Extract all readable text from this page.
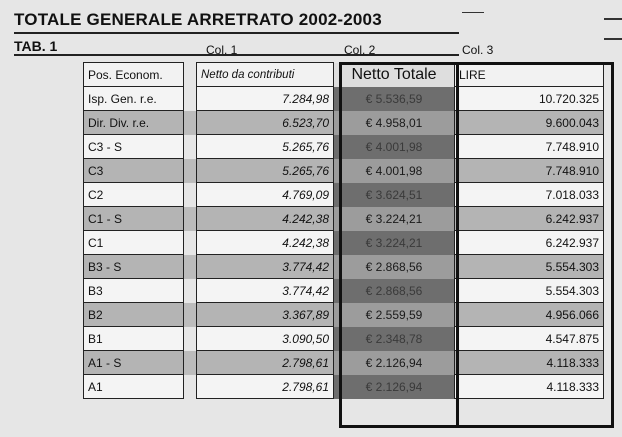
TOTALE GENERALE ARRETRATO 2002-2003
TAB. 1	Col. 1	Col. 2	Col. 3
Pos. Econom.		Netto da contributi	Netto Totale	LIRE
Isp. Gen. r.e.		7.284,98	€ 5.536,59	10.720.325
Dir. Div. r.e.		6.523,70	€ 4.958,01	9.600.043
C3 - S		5.265,76	€ 4.001,98	7.748.910
C3		5.265,76	€ 4.001,98	7.748.910
C2		4.769,09	€ 3.624,51	7.018.033
C1 - S		4.242,38	€ 3.224,21	6.242.937
C1		4.242,38	€ 3.224,21	6.242.937
B3 - S		3.774,42	€ 2.868,56	5.554.303
B3		3.774,42	€ 2.868,56	5.554.303
B2		3.367,89	€ 2.559,59	4.956.066
B1		3.090,50	€ 2.348,78	4.547.875
A1 - S		2.798,61	€ 2.126,94	4.118.333
A1		2.798,61	€ 2.126,94	4.118.333
